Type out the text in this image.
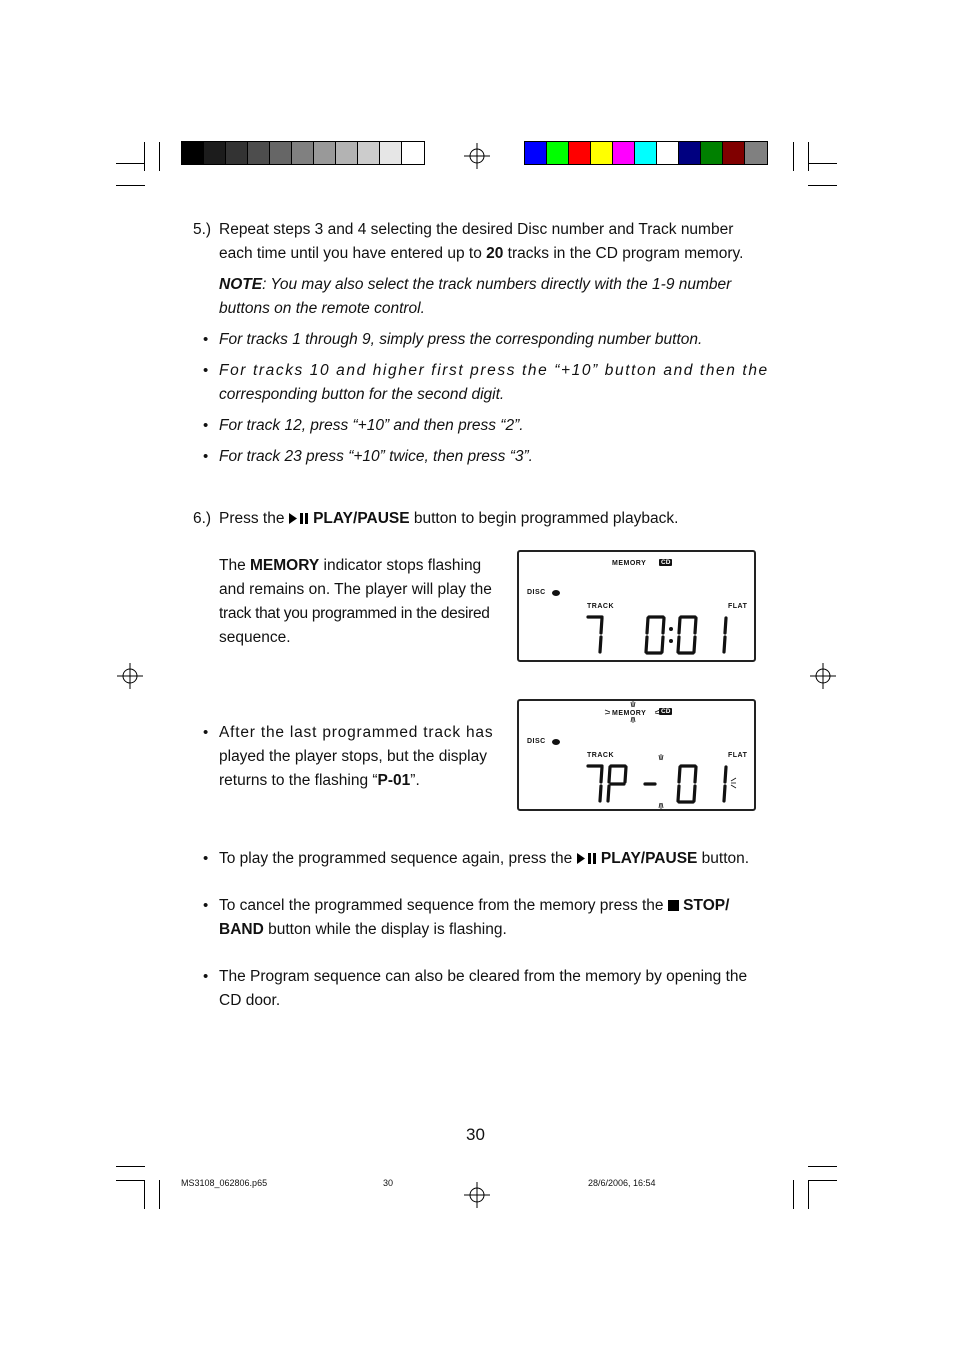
5.) Repeat steps 3 and 4 selecting the desired Disc number and Track number
each time until you have entered up to 20 tracks in the CD program memory.
NOTE: You may also select the track numbers directly with the 1-9 number
buttons on the remote control.
• For tracks 1 through 9, simply press the corresponding number button.
• For tracks 10 and higher first press the “+10” button and then the
corresponding button for the second digit.
• For track 12, press “+10” and then press “2”.
• For track 23 press “+10” twice, then press “3”.
6.) Press the  PLAY/PAUSE button to begin programmed playback.
The MEMORY indicator stops flashing
and remains on. The player will play the
track that you programmed in the desired
sequence.
MEMORY	CD
DISC
TRACK	FLAT
• After the last programmed track has
played the player stops, but the display
returns to the flashing “P-01”.
MEMORY	CD
DISC
TRACK	FLAT
• To play the programmed sequence again, press the  PLAY/PAUSE button.
• To cancel the programmed sequence from the memory press the  STOP/
BAND button while the display is flashing.
• The Program sequence can also be cleared from the memory by opening the
CD door.
30
MS3108_062806.p65	30	28/6/2006, 16:54
